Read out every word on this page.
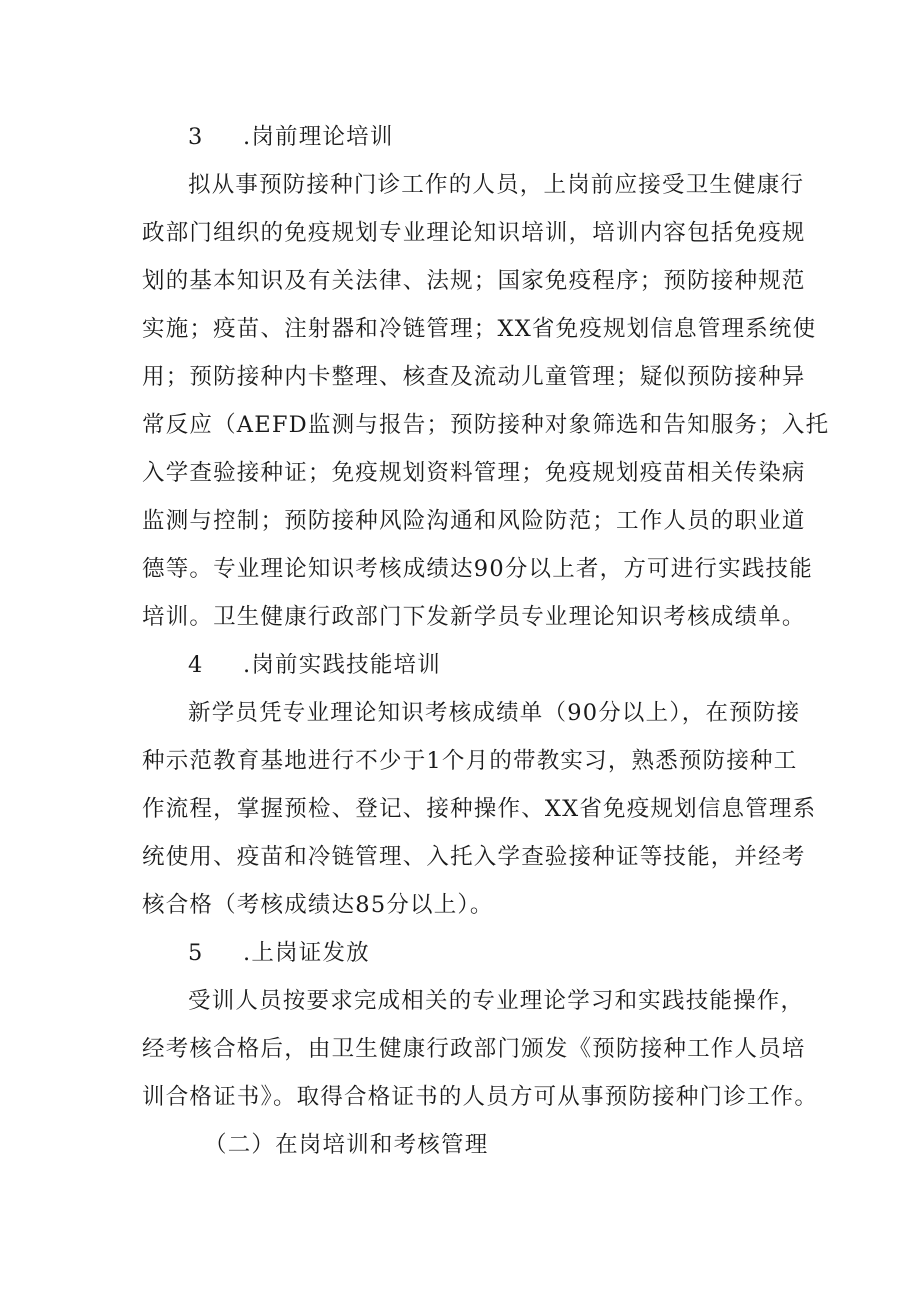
3 .岗前理论培训
拟从事预防接种门诊工作的人员，上岗前应接受卫生健康行
政部门组织的免疫规划专业理论知识培训，培训内容包括免疫规
划的基本知识及有关法律、法规；国家免疫程序；预防接种规范
实施；疫苗、注射器和冷链管理；XX省免疫规划信息管理系统使
用；预防接种内卡整理、核查及流动儿童管理；疑似预防接种异
常反应（AEFD监测与报告；预防接种对象筛选和告知服务；入托
入学查验接种证；免疫规划资料管理；免疫规划疫苗相关传染病
监测与控制；预防接种风险沟通和风险防范；工作人员的职业道
德等。专业理论知识考核成绩达90分以上者，方可进行实践技能
培训。卫生健康行政部门下发新学员专业理论知识考核成绩单。
4 .岗前实践技能培训
新学员凭专业理论知识考核成绩单（90分以上），在预防接
种示范教育基地进行不少于1个月的带教实习，熟悉预防接种工
作流程，掌握预检、登记、接种操作、XX省免疫规划信息管理系
统使用、疫苗和冷链管理、入托入学查验接种证等技能，并经考
核合格（考核成绩达85分以上）。
5 .上岗证发放
受训人员按要求完成相关的专业理论学习和实践技能操作，
经考核合格后，由卫生健康行政部门颁发《预防接种工作人员培
训合格证书》。取得合格证书的人员方可从事预防接种门诊工作。
（二）在岗培训和考核管理
